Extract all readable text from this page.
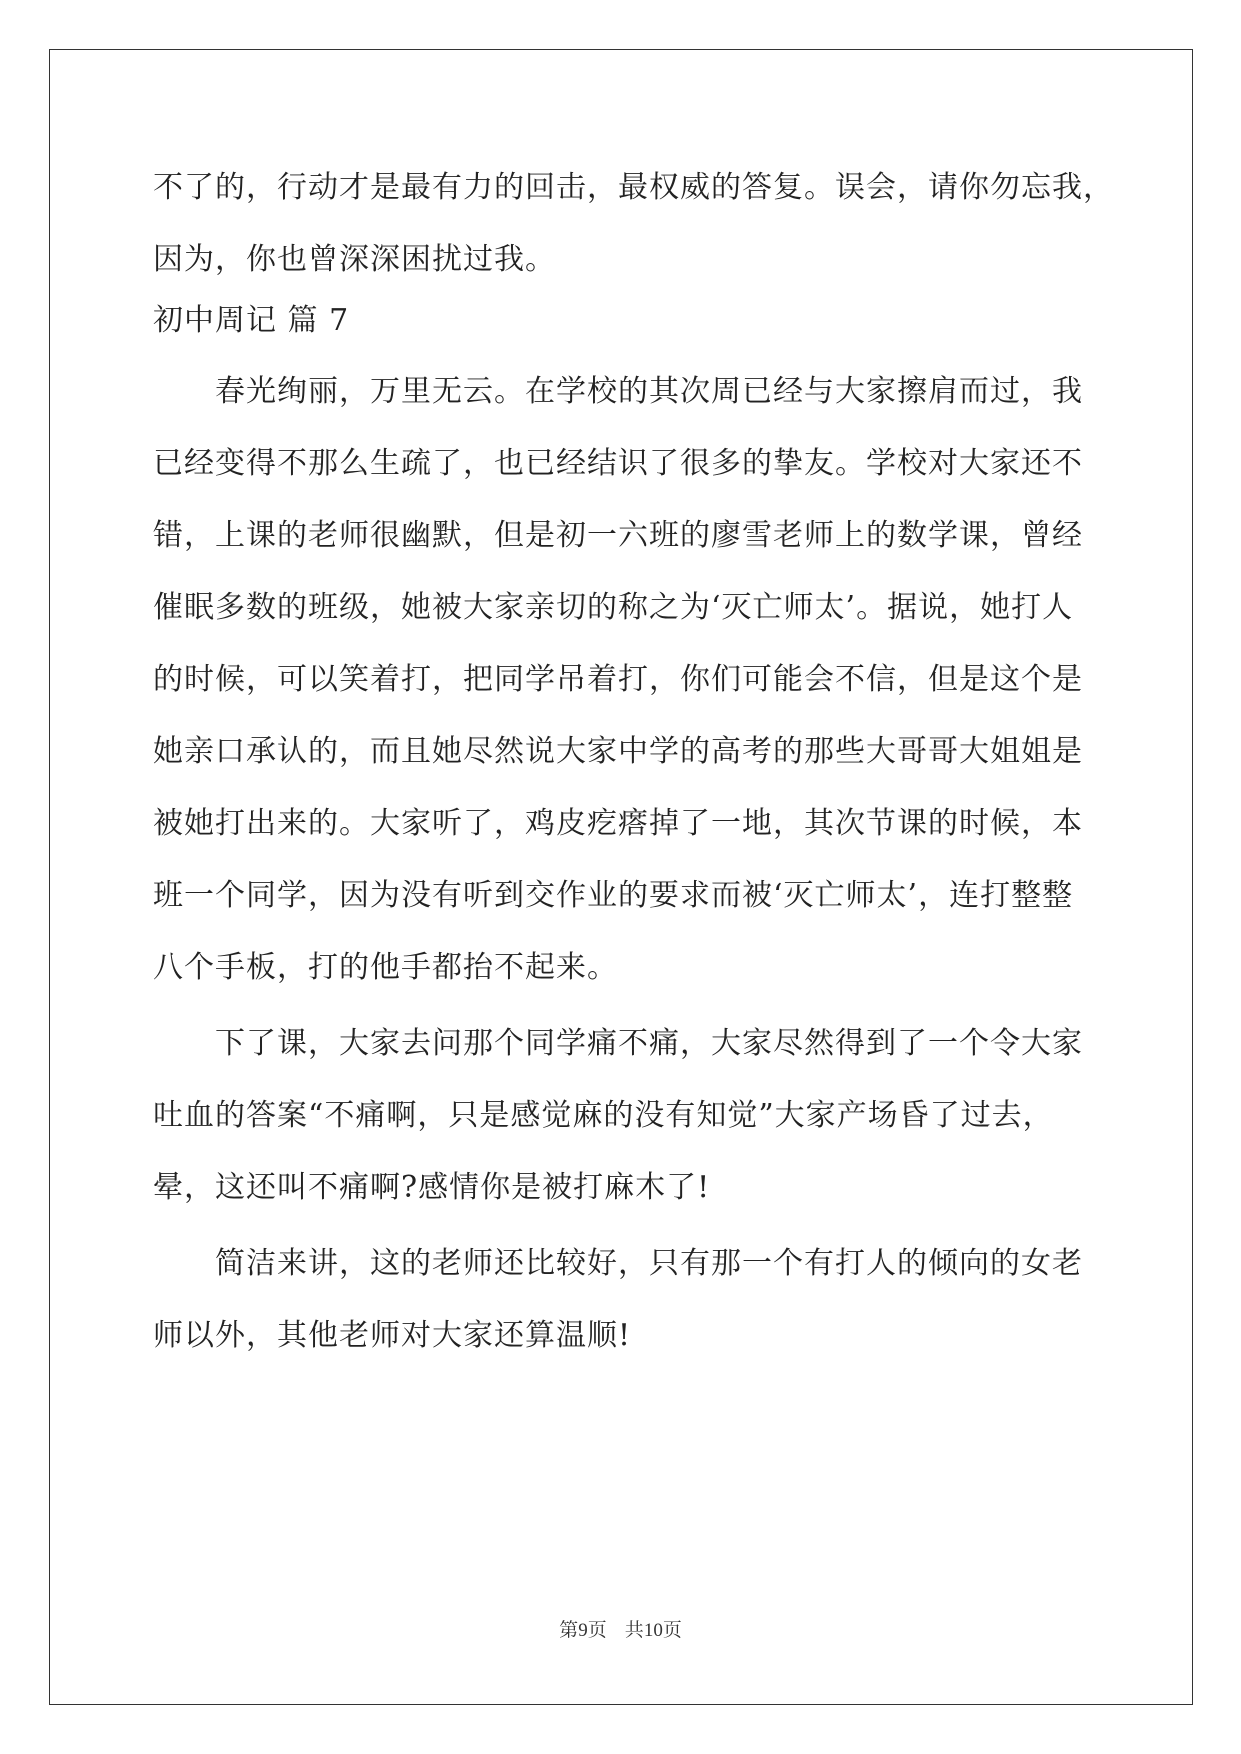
不了的，行动才是最有力的回击，最权威的答复。误会，请你勿忘我，
因为，你也曾深深困扰过我。
初中周记 篇 7
春光绚丽，万里无云。在学校的其次周已经与大家擦肩而过，我
已经变得不那么生疏了，也已经结识了很多的挚友。学校对大家还不
错，上课的老师很幽默，但是初一六班的廖雪老师上的数学课，曾经
催眠多数的班级，她被大家亲切的称之为‘灭亡师太’。据说，她打人
的时候，可以笑着打，把同学吊着打，你们可能会不信，但是这个是
她亲口承认的，而且她尽然说大家中学的高考的那些大哥哥大姐姐是
被她打出来的。大家听了，鸡皮疙瘩掉了一地，其次节课的时候，本
班一个同学，因为没有听到交作业的要求而被‘灭亡师太’，连打整整
八个手板，打的他手都抬不起来。
下了课，大家去问那个同学痛不痛，大家尽然得到了一个令大家
吐血的答案“不痛啊，只是感觉麻的没有知觉”大家产场昏了过去，
晕，这还叫不痛啊?感情你是被打麻木了!
简洁来讲，这的老师还比较好，只有那一个有打人的倾向的女老
师以外，其他老师对大家还算温顺!
第9页   共10页
